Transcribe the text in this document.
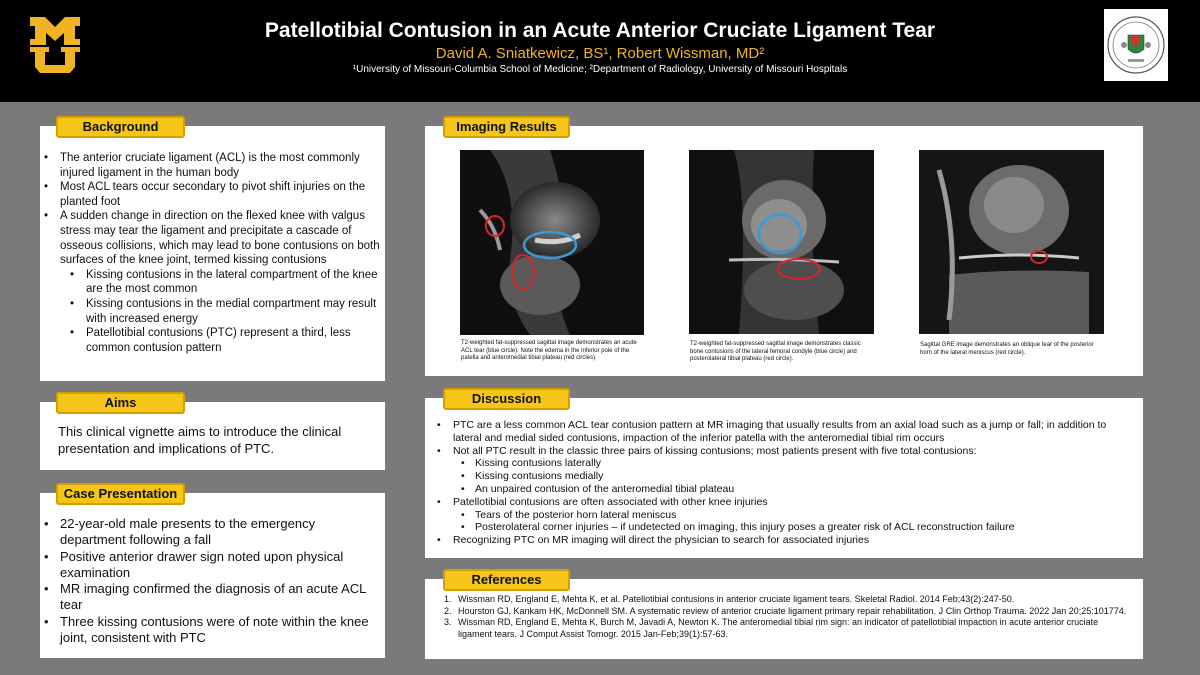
Patellotibial Contusion in an Acute Anterior Cruciate Ligament Tear
David A. Sniatkewicz, BS¹, Robert Wissman, MD²
¹University of Missouri-Columbia School of Medicine; ²Department of Radiology, University of Missouri Hospitals
Background
• The anterior cruciate ligament (ACL) is the most commonly injured ligament in the human body
• Most ACL tears occur secondary to pivot shift injuries on the planted foot
• A sudden change in direction on the flexed knee with valgus stress may tear the ligament and precipitate a cascade of osseous collisions, which may lead to bone contusions on both surfaces of the knee joint, termed kissing contusions
• Kissing contusions in the lateral compartment of the knee are the most common
• Kissing contusions in the medial compartment may result with increased energy
• Patellotibial contusions (PTC) represent a third, less common contusion pattern
Aims
This clinical vignette aims to introduce the clinical presentation and implications of PTC.
Case Presentation
• 22-year-old male presents to the emergency department following a fall
• Positive anterior drawer sign noted upon physical examination
• MR imaging confirmed the diagnosis of an acute ACL tear
• Three kissing contusions were of note within the knee joint, consistent with PTC
Imaging Results
T2-weighted fat-suppressed sagittal image demonstrates an acute ACL tear (blue circle). Note the edema in the inferior pole of the patella and anteromedial tibial plateau (red circles).
T2-weighted fat-suppressed sagittal image demonstrates classic bone contusions of the lateral femoral condyle (blue circle) and posterolateral tibial plateau (red circle).
Sagittal GRE image demonstrates an oblique tear of the posterior horn of the lateral meniscus (red circle).
Discussion
• PTC are a less common ACL tear contusion pattern at MR imaging that usually results from an axial load such as a jump or fall; in addition to lateral and medial sided contusions, impaction of the inferior patella with the anteromedial tibial rim occurs
• Not all PTC result in the classic three pairs of kissing contusions; most patients present with five total contusions:
• Kissing contusions laterally
• Kissing contusions medially
• An unpaired contusion of the anteromedial tibial plateau
• Patellotibial contusions are often associated with other knee injuries
• Tears of the posterior horn lateral meniscus
• Posterolateral corner injuries – if undetected on imaging, this injury poses a greater risk of ACL reconstruction failure
• Recognizing PTC on MR imaging will direct the physician to search for associated injuries
References
1. Wissman RD, England E, Mehta K, et al. Patellotibial contusions in anterior cruciate ligament tears. Skeletal Radiol. 2014 Feb;43(2):247-50.
2. Hourston GJ, Kankam HK, McDonnell SM. A systematic review of anterior cruciate ligament primary repair rehabilitation. J Clin Orthop Trauma. 2022 Jan 20;25:101774.
3. Wissman RD, England E, Mehta K, Burch M, Javadi A, Newton K. The anteromedial tibial rim sign: an indicator of patellotibial impaction in acute anterior cruciate ligament tears. J Comput Assist Tomogr. 2015 Jan-Feb;39(1):57-63.
